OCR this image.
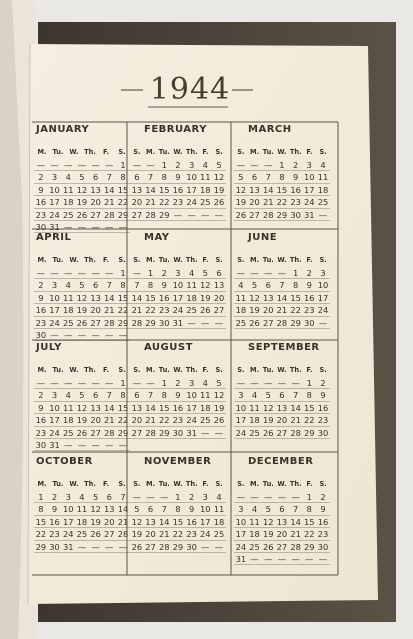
1944
JANUARY
M. Tu. W. Th.	F.	S.
— — — — — — 1
2	3	4	5	6	7	8
9 10 11 12 13 14 15
16 17 18 19 20 21 22
23 24 25 26 27 28 29
30 31 — — — — —
FEBRUARY
S. M. Tu. W. Th. F.	S.
— — 1	2	3	4	5
6	7	8	9 10 11 12
13 14 15 16 17 18 19
20 21 22 23 24 25 26
27 28 29 — — — —
MARCH
S. M. Tu. W. Th. F.	S.
— — — 1	2	3	4
5	6	7	8	9 10 11
12 13 14 15 16 17 18
19 20 21 22 23 24 25
26 27 28 29 30 31 —
APRIL
M. Tu. W. Th.	F.	S.
— — — — — — 1
2	3	4	5	6	7	8
9 10 11 12 13 14 15
16 17 18 19 20 21 22
23 24 25 26 27 28 29
30 — — — — — —
MAY
S. M. Tu. W. Th. F.	S.
— 1	2	3	4	5	6
7	8	9 10 11 12 13
14 15 16 17 18 19 20
21 22 23 24 25 26 27
28 29 30 31 — — —
JUNE
S. M. Tu. W. Th. F.	S.
— — — — 1	2	3
4	5	6	7	8	9 10
11 12 13 14 15 16 17
18 19 20 21 22 23 24
25 26 27 28 29 30 —
JULY
M. Tu. W. Th.	F.	S.
— — — — — — 1
2	3	4	5	6	7	8
9 10 11 12 13 14 15
16 17 18 19 20 21 22
23 24 25 26 27 28 29
30 31 — — — — —
AUGUST
S. M. Tu. W. Th. F.	S.
— — 1	2	3	4	5
6	7	8	9 10 11 12
13 14 15 16 17 18 19
20 21 22 23 24 25 26
27 28 29 30 31 — —
SEPTEMBER
S. M. Tu. W. Th. F.	S.
— — — — — 1	2
3	4	5	6	7	8	9
10 11 12 13 14 15 16
17 18 19 20 21 22 23
24 25 26 27 28 29 30
OCTOBER
M. Tu. W. Th.	F.	S.
1	2	3	4	5	6	7
8	9 10 11 12 13 14
15 16 17 18 19 20 21
22 23 24 25 26 27 28
29 30 31 — — — —
NOVEMBER
S. M. Tu. W. Th. F.	S.
— — — 1	2	3	4
5	6	7	8	9 10 11
12 13 14 15 16 17 18
19 20 21 22 23 24 25
26 27 28 29 30 — —
DECEMBER
S. M. Tu. W. Th. F.	S.
— — — — — 1	2
3	4	5	6	7	8	9
10 11 12 13 14 15 16
17 18 19 20 21 22 23
24 25 26 27 28 29 30
31 — — — — — —
